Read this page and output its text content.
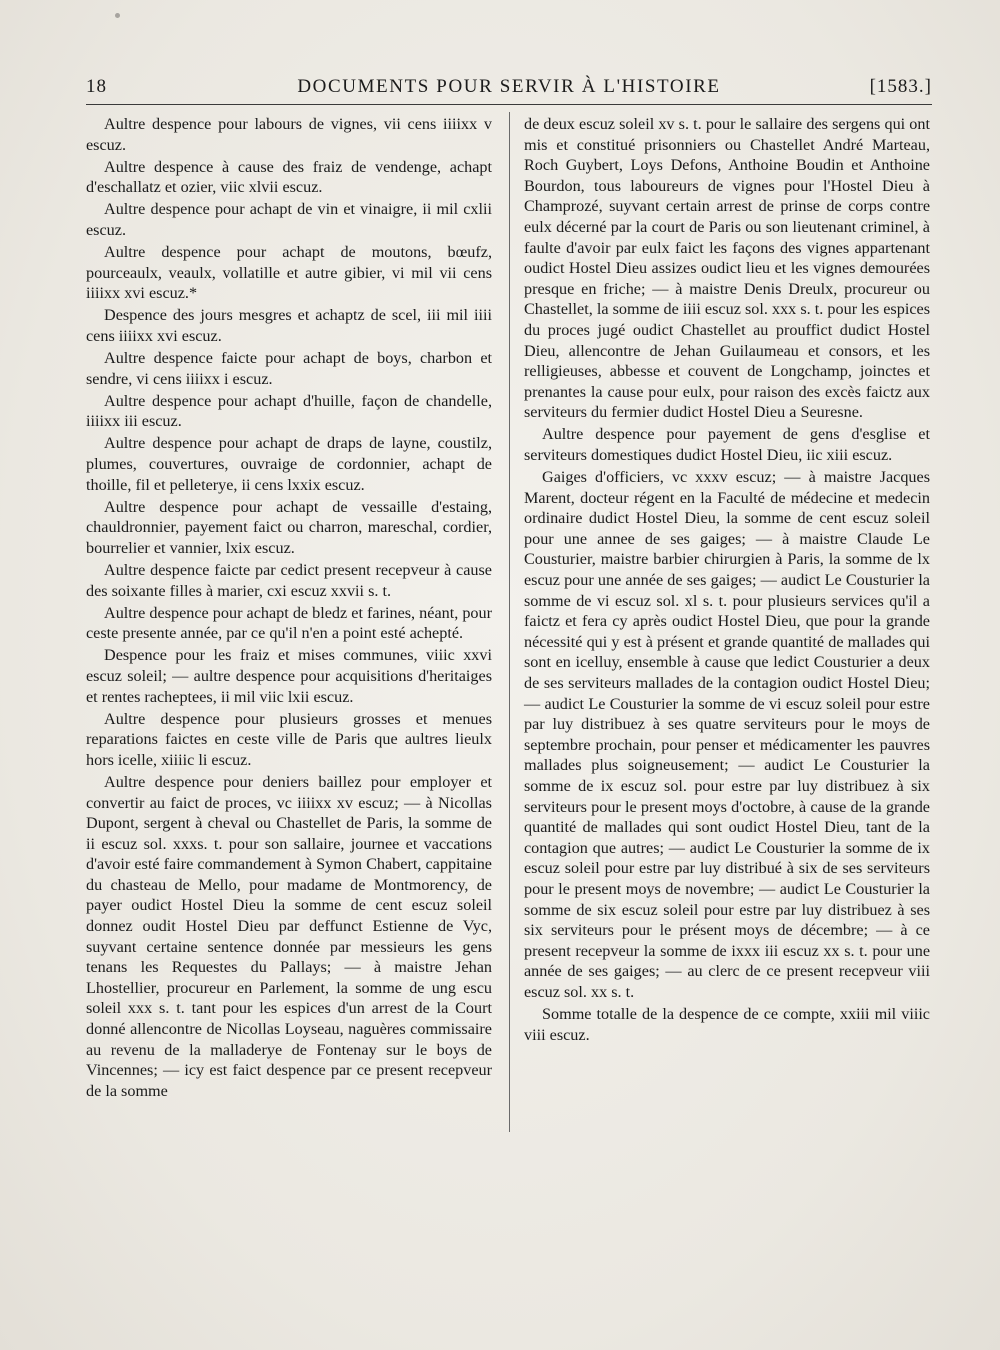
18	DOCUMENTS POUR SERVIR À L'HISTOIRE	[1583.]

Aultre despence pour labours de vignes, vii cens iiiixx v escuz.

Aultre despence à cause des fraiz de vendenge, achapt d'eschallatz et ozier, viic xlvii escuz.

Aultre despence pour achapt de vin et vinaigre, ii mil cxlii escuz.

Aultre despence pour achapt de moutons, bœufz, pourceaulx, veaulx, vollatille et autre gibier, vi mil vii cens iiiixx xvi escuz.*

Despence des jours mesgres et achaptz de scel, iii mil iiii cens iiiixx xvi escuz.

Aultre despence faicte pour achapt de boys, charbon et sendre, vi cens iiiixx i escuz.

Aultre despence pour achapt d'huille, façon de chandelle, iiiixx iii escuz.

Aultre despence pour achapt de draps de layne, coustilz, plumes, couvertures, ouvraige de cordonnier, achapt de thoille, fil et pelleterye, ii cens lxxix escuz.

Aultre despence pour achapt de vessaille d'estaing, chauldronnier, payement faict ou charron, mareschal, cordier, bourrelier et vannier, lxix escuz.

Aultre despence faicte par cedict present recepveur à cause des soixante filles à marier, cxi escuz xxvii s. t.

Aultre despence pour achapt de bledz et farines, néant, pour ceste presente année, par ce qu'il n'en a point esté achepté.

Despence pour les fraiz et mises communes, viiic xxvi escuz soleil; — aultre despence pour acquisitions d'heritaiges et rentes racheptees, ii mil viic lxii escuz.

Aultre despence pour plusieurs grosses et menues reparations faictes en ceste ville de Paris que aultres lieulx hors icelle, xiiiic li escuz.

Aultre despence pour deniers baillez pour employer et convertir au faict de proces, vc iiiixx xv escuz; — à Nicollas Dupont, sergent à cheval ou Chastellet de Paris, la somme de ii escuz sol. xxxs. t. pour son sallaire, journee et vaccations d'avoir esté faire commandement à Symon Chabert, cappitaine du chasteau de Mello, pour madame de Montmorency, de payer oudict Hostel Dieu la somme de cent escuz soleil donnez oudit Hostel Dieu par deffunct Estienne de Vyc, suyvant certaine sentence donnée par messieurs les gens tenans les Requestes du Pallays; — à maistre Jehan Lhostellier, procureur en Parlement, la somme de ung escu soleil xxx s. t. tant pour les espices d'un arrest de la Court donné allencontre de Nicollas Loyseau, naguères commissaire au revenu de la malladerye de Fontenay sur le boys de Vincennes; — icy est faict despence par ce present recepveur de la somme

de deux escuz soleil xv s. t. pour le sallaire des sergens qui ont mis et constitué prisonniers ou Chastellet André Marteau, Roch Guybert, Loys Defons, Anthoine Boudin et Anthoine Bourdon, tous laboureurs de vignes pour l'Hostel Dieu à Champrozé, suyvant certain arrest de prinse de corps contre eulx décerné par la court de Paris ou son lieutenant criminel, à faulte d'avoir par eulx faict les façons des vignes appartenant oudict Hostel Dieu assizes oudict lieu et les vignes demourées presque en friche; — à maistre Denis Dreulx, procureur ou Chastellet, la somme de iiii escuz sol. xxx s. t. pour les espices du proces jugé oudict Chastellet au prouffict dudict Hostel Dieu, allencontre de Jehan Guilaumeau et consors, et les relligieuses, abbesse et couvent de Longchamp, joinctes et prenantes la cause pour eulx, pour raison des excès faictz aux serviteurs du fermier dudict Hostel Dieu a Seuresne.

Aultre despence pour payement de gens d'esglise et serviteurs domestiques dudict Hostel Dieu, iic xiii escuz.

Gaiges d'officiers, vc xxxv escuz; — à maistre Jacques Marent, docteur régent en la Faculté de médecine et medecin ordinaire dudict Hostel Dieu, la somme de cent escuz soleil pour une annee de ses gaiges; — à maistre Claude Le Cousturier, maistre barbier chirurgien à Paris, la somme de lx escuz pour une année de ses gaiges; — audict Le Cousturier la somme de vi escuz sol. xl s. t. pour plusieurs services qu'il a faictz et fera cy après oudict Hostel Dieu, que pour la grande nécessité qui y est à présent et grande quantité de mallades qui sont en icelluy, ensemble à cause que ledict Cousturier a deux de ses serviteurs mallades de la contagion oudict Hostel Dieu; — audict Le Cousturier la somme de vi escuz soleil pour estre par luy distribuez à ses quatre serviteurs pour le moys de septembre prochain, pour penser et médicamenter les pauvres mallades plus soigneusement; — audict Le Cousturier la somme de ix escuz sol. pour estre par luy distribuez à six serviteurs pour le present moys d'octobre, à cause de la grande quantité de mallades qui sont oudict Hostel Dieu, tant de la contagion que autres; — audict Le Cousturier la somme de ix escuz soleil pour estre par luy distribué à six de ses serviteurs pour le present moys de novembre; — audict Le Cousturier la somme de six escuz soleil pour estre par luy distribuez à ses six serviteurs pour le présent moys de décembre; — à ce present recepveur la somme de ixxx iii escuz xx s. t. pour une année de ses gaiges; — au clerc de ce present recepveur viii escuz sol. xx s. t.

Somme totalle de la despence de ce compte, xxiii mil viiic viii escuz.
